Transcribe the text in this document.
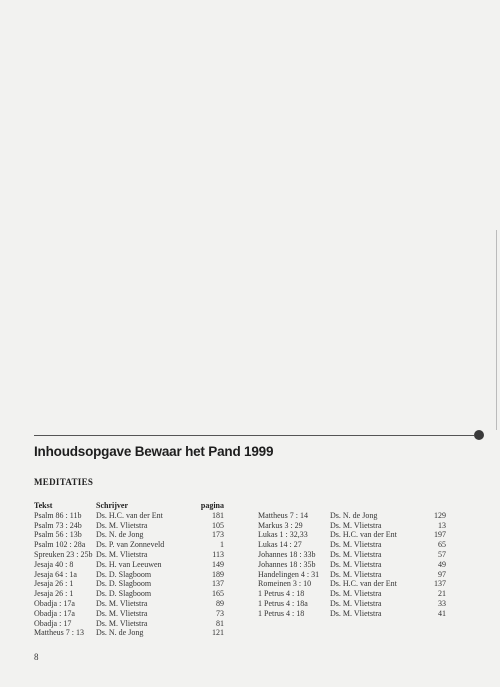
Inhoudsopgave Bewaar het Pand 1999
MEDITATIES
Tekst	Schrijver	pagina
Psalm 86 : 11b Ds. H.C. van der Ent	181
Psalm 73 : 24b Ds. M. Vlietstra	105
Psalm 56 : 13b Ds. N. de Jong	173
Psalm 102 : 28a Ds. P. van Zonneveld	1
Spreuken 23 : 25b Ds. M. Vlietstra	113
Jesaja 40 : 8	Ds. H. van Leeuwen	149
Jesaja 64 : 1a Ds. D. Slagboom	189
Jesaja 26 : 1	Ds. D. Slagboom	137
Jesaja 26 : 1	Ds. D. Slagboom	165
Obadja : 17a	Ds. M. Vlietstra	89
Obadja : 17a	Ds. M. Vlietstra	73
Obadja : 17	Ds. M. Vlietstra	81
Mattheus 7 : 13 Ds. N. de Jong	121
Mattheus 7 : 14	Ds. N. de Jong	129
Markus 3 : 29	Ds. M. Vlietstra	13
Lukas 1 : 32,33	Ds. H.C. van der Ent	197
Lukas 14 : 27	Ds. M. Vlietstra	65
Johannes 18 : 33b Ds. M. Vlietstra	57
Johannes 18 : 35b Ds. M. Vlietstra	49
Handelingen 4 : 31 Ds. M. Vlietstra	97
Romeinen 3 : 10 Ds. H.C. van der Ent	137
1 Petrus 4 : 18	Ds. M. Vlietstra	21
1 Petrus 4 : 18a	Ds. M. Vlietstra	33
1 Petrus 4 : 18	Ds. M. Vlietstra	41
8
